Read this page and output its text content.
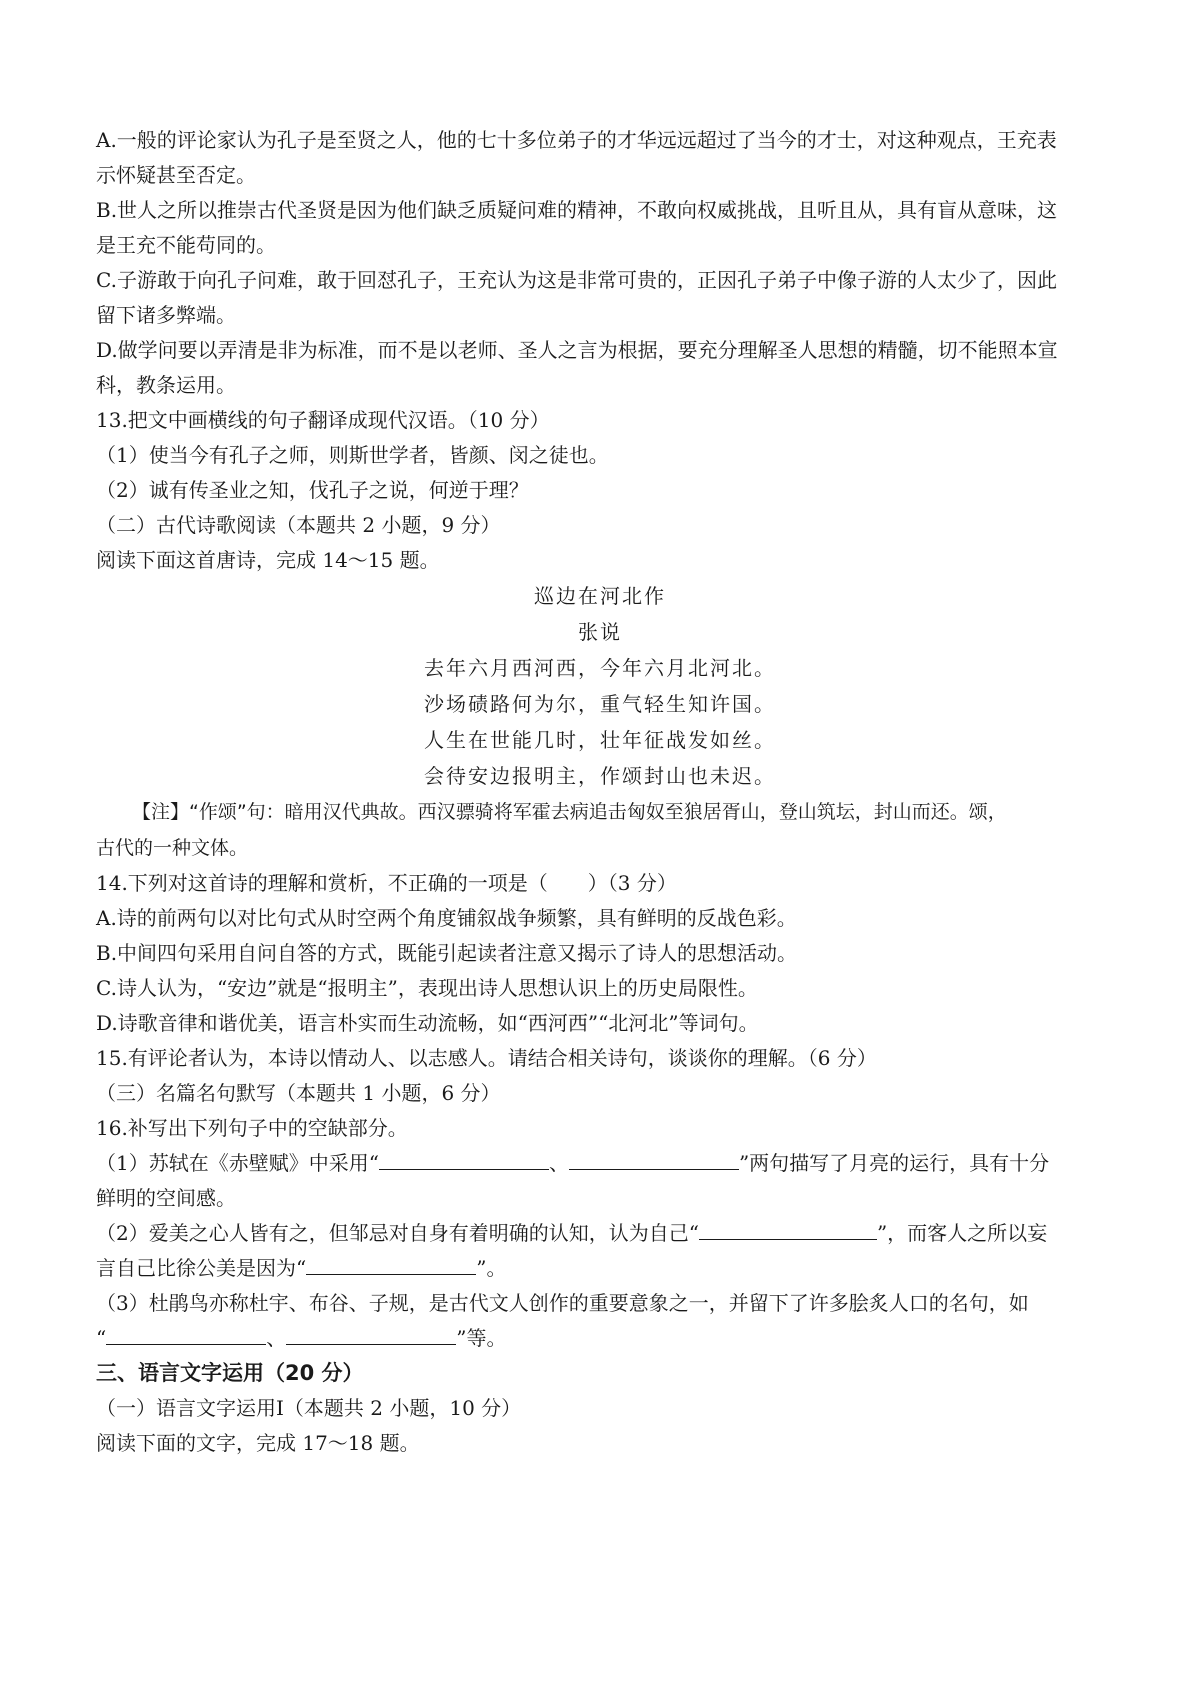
A.一般的评论家认为孔子是至贤之人，他的七十多位弟子的才华远远超过了当今的才士，对这种观点，王充表
示怀疑甚至否定。
B.世人之所以推崇古代圣贤是因为他们缺乏质疑问难的精神，不敢向权威挑战，且听且从，具有盲从意味，这
是王充不能苟同的。
C.子游敢于向孔子问难，敢于回怼孔子，王充认为这是非常可贵的，正因孔子弟子中像子游的人太少了，因此
留下诸多弊端。
D.做学问要以弄清是非为标准，而不是以老师、圣人之言为根据，要充分理解圣人思想的精髓，切不能照本宣
科，教条运用。
13.把文中画横线的句子翻译成现代汉语。（10 分）
（1）使当今有孔子之师，则斯世学者，皆颜、闵之徒也。
（2）诚有传圣业之知，伐孔子之说，何逆于理？
（二）古代诗歌阅读（本题共 2 小题，9 分）
阅读下面这首唐诗，完成 14～15 题。
巡边在河北作
张说
去年六月西河西，今年六月北河北。
沙场碛路何为尔，重气轻生知许国。
人生在世能几时，壮年征战发如丝。
会待安边报明主，作颂封山也未迟。
【注】“作颂”句：暗用汉代典故。西汉骠骑将军霍去病追击匈奴至狼居胥山，登山筑坛，封山而还。颂，
古代的一种文体。
14.下列对这首诗的理解和赏析，不正确的一项是（　　）（3 分）
A.诗的前两句以对比句式从时空两个角度铺叙战争频繁，具有鲜明的反战色彩。
B.中间四句采用自问自答的方式，既能引起读者注意又揭示了诗人的思想活动。
C.诗人认为，“安边”就是“报明主”，表现出诗人思想认识上的历史局限性。
D.诗歌音律和谐优美，语言朴实而生动流畅，如“西河西”“北河北”等词句。
15.有评论者认为，本诗以情动人、以志感人。请结合相关诗句，谈谈你的理解。（6 分）
（三）名篇名句默写（本题共 1 小题，6 分）
16.补写出下列句子中的空缺部分。
（1）苏轼在《赤壁赋》中采用“	、	”两句描写了月亮的运行，具有十分
鲜明的空间感。
（2）爱美之心人皆有之，但邹忌对自身有着明确的认知，认为自己“	”，而客人之所以妄
言自己比徐公美是因为“	”。
（3）杜鹃鸟亦称杜宇、布谷、子规，是古代文人创作的重要意象之一，并留下了许多脍炙人口的名句，如
“	、	”等。
三、语言文字运用（20 分）
（一）语言文字运用Ⅰ（本题共 2 小题，10 分）
阅读下面的文字，完成 17～18 题。
